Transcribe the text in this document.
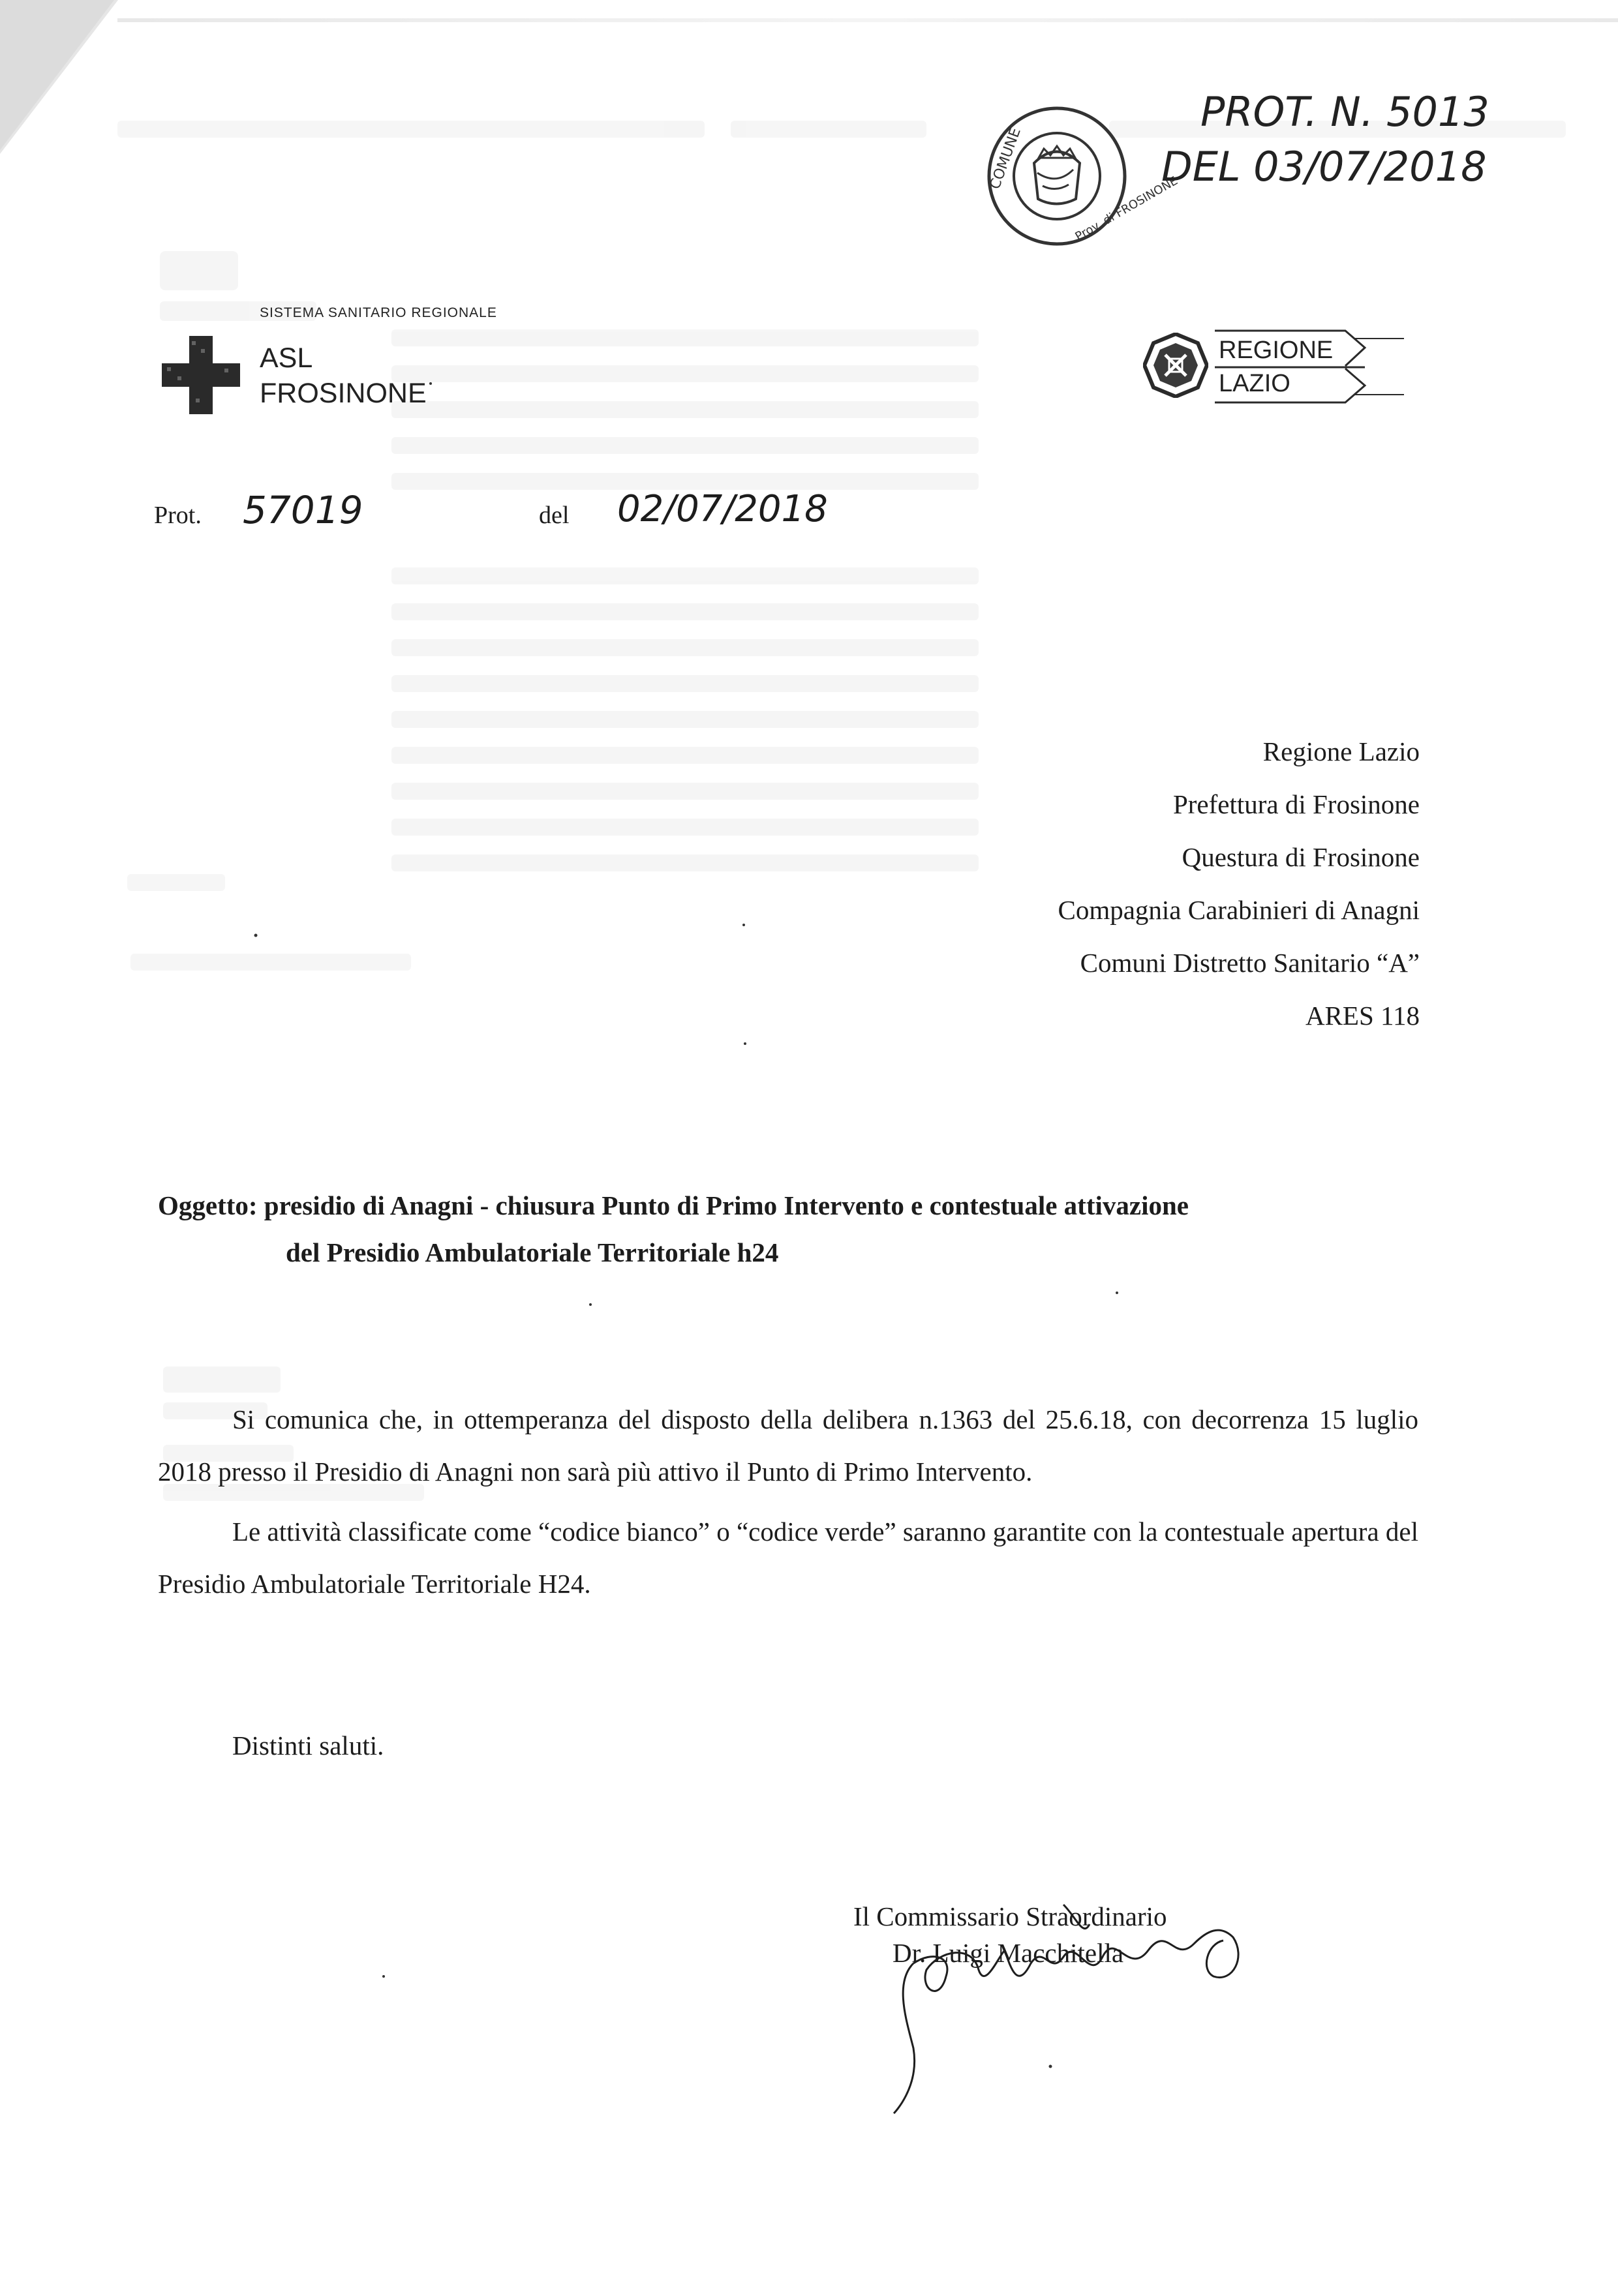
COMUNE
Prov. di FROSINONE
PROT. N. 5013
DEL 03/07/2018
SISTEMA SANITARIO REGIONALE
ASL
FROSINONE
REGIONE
LAZIO
Prot. 57019	del 02/07/2018
Regione Lazio
Prefettura di Frosinone
Questura di Frosinone
Compagnia Carabinieri di Anagni
Comuni Distretto Sanitario “A”
ARES 118
Oggetto: presidio di Anagni - chiusura Punto di Primo Intervento e contestuale attivazione
del Presidio Ambulatoriale Territoriale h24

Si comunica che, in ottemperanza del disposto della delibera n.1363 del 25.6.18, con decorrenza 15 luglio 2018 presso il Presidio di Anagni non sarà più attivo il Punto di Primo Intervento.

Le attività classificate come “codice bianco” o “codice verde” saranno garantite con la contestuale apertura del Presidio Ambulatoriale Territoriale H24.

Distinti saluti.
Il Commissario Straordinario
Dr. Luigi Macchitella
